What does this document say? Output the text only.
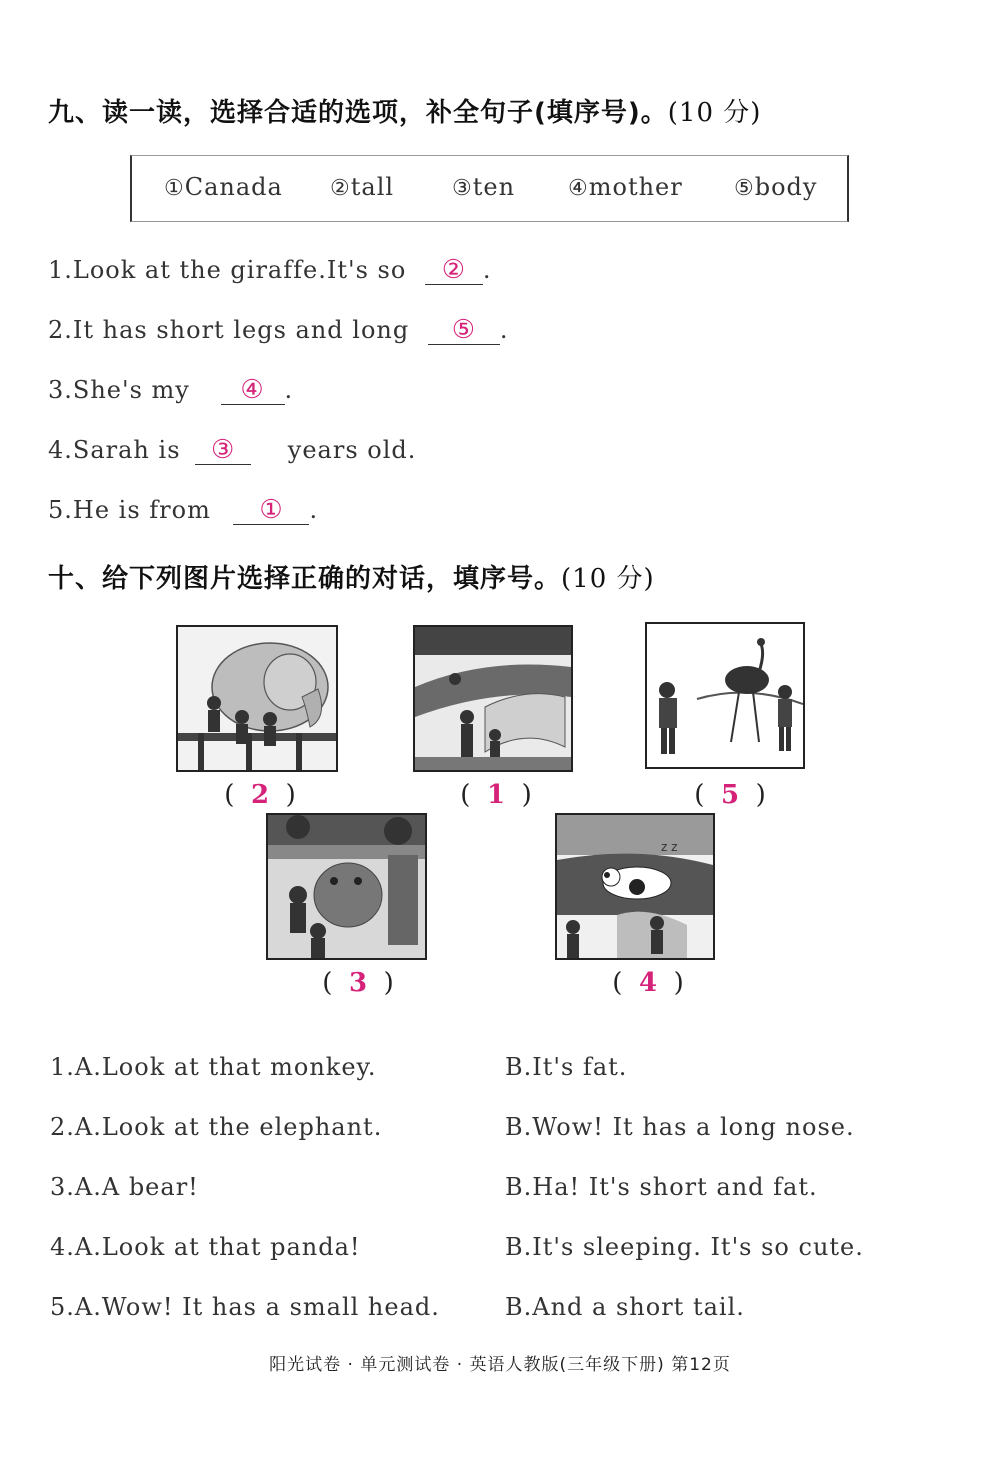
九、读一读，选择合适的选项，补全句子(填序号)。(10 分)
①Canada ②tall	③ten ④mother ⑤body
1.Look at the giraffe.It's so ② .
2.It has short legs and long ⑤ .
3.She's my ④ .
4.Sarah is ③ years old.
5.He is from ① .
十、给下列图片选择正确的对话，填序号。(10 分)
( 2 )	( 1 )	( 5 )
( 3 )
z z
( 4 )
1.A.Look at that monkey.	B.It's fat.
2.A.Look at the elephant.	B.Wow! It has a long nose.
3.A.A bear!	B.Ha! It's short and fat.
4.A.Look at that panda!	B.It's sleeping. It's so cute.
5.A.Wow! It has a small head.	B.And a short tail.
阳光试卷 · 单元测试卷 · 英语人教版(三年级下册) 第12页
